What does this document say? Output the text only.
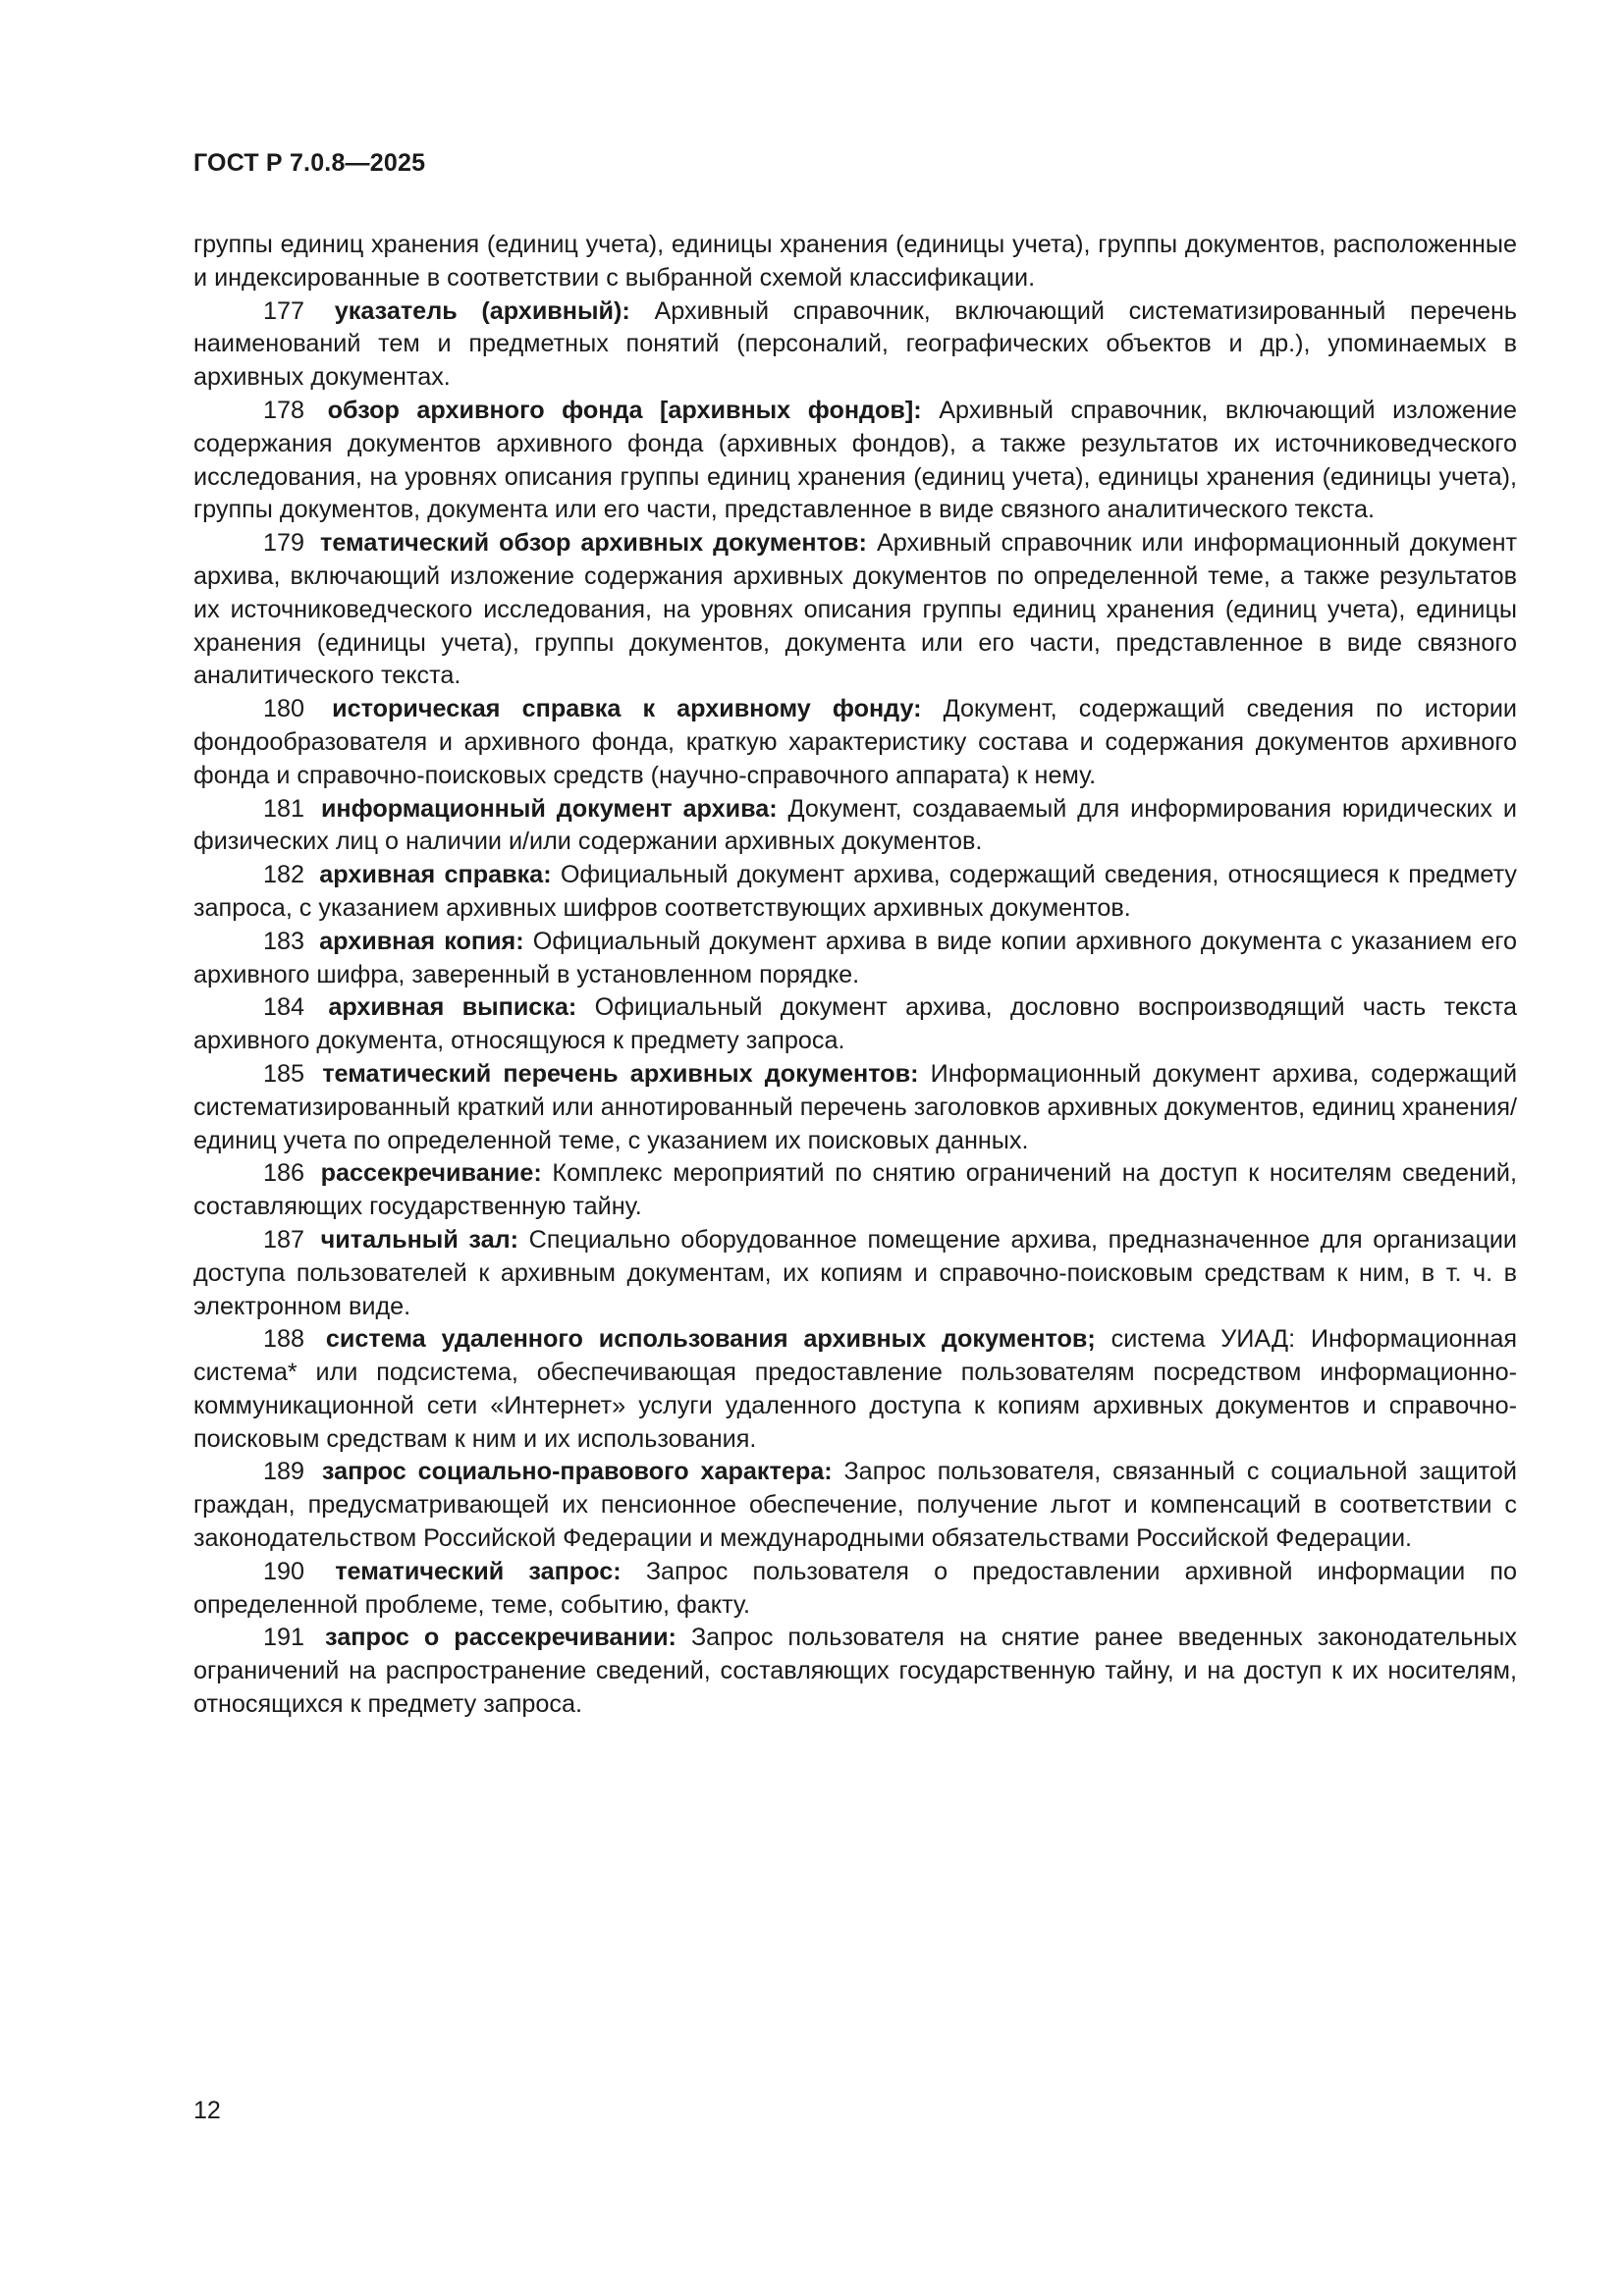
ГОСТ Р 7.0.8—2025

группы единиц хранения (единиц учета), единицы хранения (единицы учета), группы документов, расположенные и индексированные в соответствии с выбранной схемой классификации.

177 указатель (архивный): Архивный справочник, включающий систематизированный перечень наименований тем и предметных понятий (персоналий, географических объектов и др.), упоминаемых в архивных документах.

178 обзор архивного фонда [архивных фондов]: Архивный справочник, включающий изложение содержания документов архивного фонда (архивных фондов), а также результатов их источниковедческого исследования, на уровнях описания группы единиц хранения (единиц учета), единицы хранения (единицы учета), группы документов, документа или его части, представленное в виде связного аналитического текста.

179 тематический обзор архивных документов: Архивный справочник или информационный документ архива, включающий изложение содержания архивных документов по определенной теме, а также результатов их источниковедческого исследования, на уровнях описания группы единиц хранения (единиц учета), единицы хранения (единицы учета), группы документов, документа или его части, представленное в виде связного аналитического текста.

180 историческая справка к архивному фонду: Документ, содержащий сведения по истории фондообразователя и архивного фонда, краткую характеристику состава и содержания документов архивного фонда и справочно-поисковых средств (научно-справочного аппарата) к нему.

181 информационный документ архива: Документ, создаваемый для информирования юридических и физических лиц о наличии и/или содержании архивных документов.

182 архивная справка: Официальный документ архива, содержащий сведения, относящиеся к предмету запроса, с указанием архивных шифров соответствующих архивных документов.

183 архивная копия: Официальный документ архива в виде копии архивного документа с указанием его архивного шифра, заверенный в установленном порядке.

184 архивная выписка: Официальный документ архива, дословно воспроизводящий часть текста архивного документа, относящуюся к предмету запроса.

185 тематический перечень архивных документов: Информационный документ архива, содержащий систематизированный краткий или аннотированный перечень заголовков архивных документов, единиц хранения/единиц учета по определенной теме, с указанием их поисковых данных.

186 рассекречивание: Комплекс мероприятий по снятию ограничений на доступ к носителям сведений, составляющих государственную тайну.

187 читальный зал: Специально оборудованное помещение архива, предназначенное для организации доступа пользователей к архивным документам, их копиям и справочно-поисковым средствам к ним, в т. ч. в электронном виде.

188 система удаленного использования архивных документов; система УИАД: Информационная система* или подсистема, обеспечивающая предоставление пользователям посредством информационно-коммуникационной сети «Интернет» услуги удаленного доступа к копиям архивных документов и справочно-поисковым средствам к ним и их использования.

189 запрос социально-правового характера: Запрос пользователя, связанный с социальной защитой граждан, предусматривающей их пенсионное обеспечение, получение льгот и компенсаций в соответствии с законодательством Российской Федерации и международными обязательствами Российской Федерации.

190 тематический запрос: Запрос пользователя о предоставлении архивной информации по определенной проблеме, теме, событию, факту.

191 запрос о рассекречивании: Запрос пользователя на снятие ранее введенных законодательных ограничений на распространение сведений, составляющих государственную тайну, и на доступ к их носителям, относящихся к предмету запроса.

12
